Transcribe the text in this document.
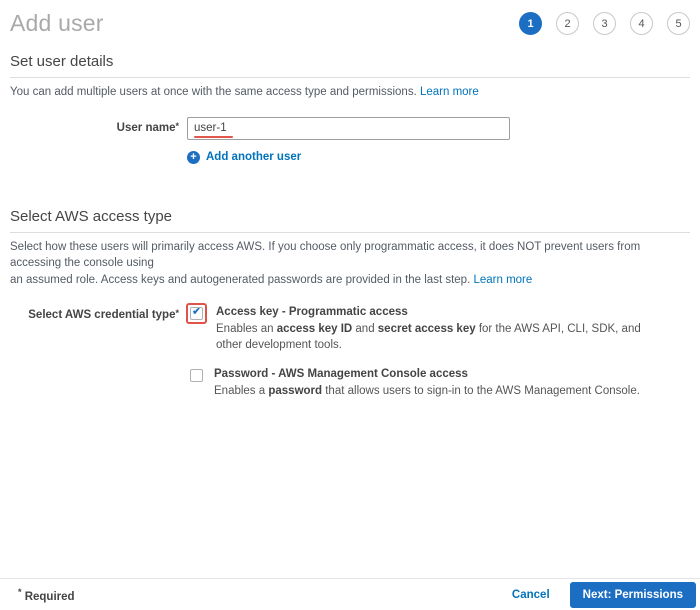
Add user	1	2	3	4	5
Set user details
You can add multiple users at once with the same access type and permissions. Learn more
User name*
user-1
+ Add another user
Select AWS access type
Select how these users will primarily access AWS. If you choose only programmatic access, it does NOT prevent users from accessing the console using
an assumed role. Access keys and autogenerated passwords are provided in the last step. Learn more
Select AWS credential type*	✔ Access key - Programmatic access
Enables an access key ID and secret access key for the AWS API, CLI, SDK, and
other development tools.
Password - AWS Management Console access
Enables a password that allows users to sign-in to the AWS Management Console.
* Required	Cancel	Next: Permissions
